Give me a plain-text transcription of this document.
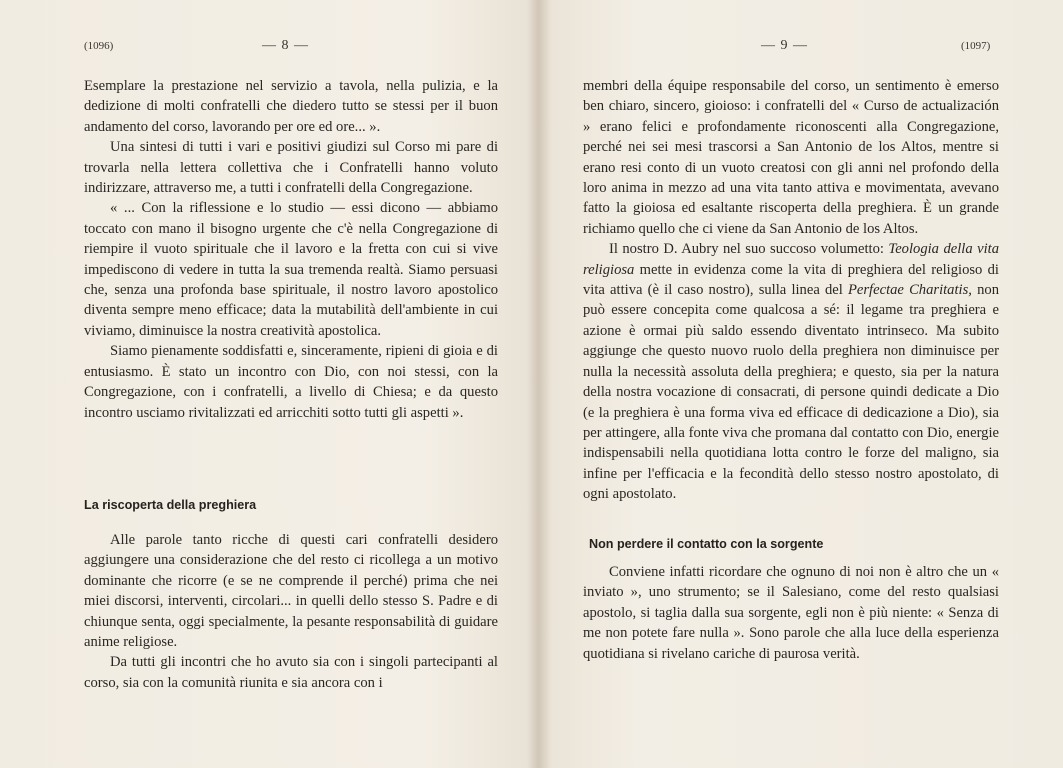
(1096)	— 8 —

Esemplare la prestazione nel servizio a tavola, nella pulizia, e la dedizione di molti confratelli che diedero tutto se stessi per il buon andamento del corso, lavorando per ore ed ore... ».

Una sintesi di tutti i vari e positivi giudizi sul Corso mi pare di trovarla nella lettera collettiva che i Confratelli hanno voluto indirizzare, attraverso me, a tutti i confratelli della Congregazione.

« ... Con la riflessione e lo studio — essi dicono — abbiamo toccato con mano il bisogno urgente che c'è nella Congregazione di riempire il vuoto spirituale che il lavoro e la fretta con cui si vive impediscono di vedere in tutta la sua tremenda realtà. Siamo persuasi che, senza una profonda base spirituale, il nostro lavoro apostolico diventa sempre meno efficace; data la mutabilità dell'ambiente in cui viviamo, diminuisce la nostra creatività apostolica.

Siamo pienamente soddisfatti e, sinceramente, ripieni di gioia e di entusiasmo. È stato un incontro con Dio, con noi stessi, con la Congregazione, con i confratelli, a livello di Chiesa; e da questo incontro usciamo rivitalizzati ed arricchiti sotto tutti gli aspetti ».

La riscoperta della preghiera

Alle parole tanto ricche di questi cari confratelli desidero aggiungere una considerazione che del resto ci ricollega a un motivo dominante che ricorre (e se ne comprende il perché) prima che nei miei discorsi, interventi, circolari... in quelli dello stesso S. Padre e di chiunque senta, oggi specialmente, la pesante responsabilità di guidare anime religiose.

Da tutti gli incontri che ho avuto sia con i singoli partecipanti al corso, sia con la comunità riunita e sia ancora con i

— 9 —	(1097)

membri della équipe responsabile del corso, un sentimento è emerso ben chiaro, sincero, gioioso: i confratelli del « Curso de actualización » erano felici e profondamente riconoscenti alla Congregazione, perché nei sei mesi trascorsi a San Antonio de los Altos, mentre si erano resi conto di un vuoto creatosi con gli anni nel profondo della loro anima in mezzo ad una vita tanto attiva e movimentata, avevano fatto la gioiosa ed esaltante riscoperta della preghiera. È un grande richiamo quello che ci viene da San Antonio de los Altos.

Il nostro D. Aubry nel suo succoso volumetto: Teologia della vita religiosa mette in evidenza come la vita di preghiera del religioso di vita attiva (è il caso nostro), sulla linea del Perfectae Charitatis, non può essere concepita come qualcosa a sé: il legame tra preghiera e azione è ormai più saldo essendo diventato intrinseco. Ma subito aggiunge che questo nuovo ruolo della preghiera non diminuisce per nulla la necessità assoluta della preghiera; e questo, sia per la natura della nostra vocazione di consacrati, di persone quindi dedicate a Dio (e la preghiera è una forma viva ed efficace di dedicazione a Dio), sia per attingere, alla fonte viva che promana dal contatto con Dio, energie indispensabili nella quotidiana lotta contro le forze del maligno, sia infine per l'efficacia e la fecondità dello stesso nostro apostolato, di ogni apostolato.

Non perdere il contatto con la sorgente

Conviene infatti ricordare che ognuno di noi non è altro che un « inviato », uno strumento; se il Salesiano, come del resto qualsiasi apostolo, si taglia dalla sua sorgente, egli non è più niente: « Senza di me non potete fare nulla ». Sono parole che alla luce della esperienza quotidiana si rivelano cariche di paurosa verità.
